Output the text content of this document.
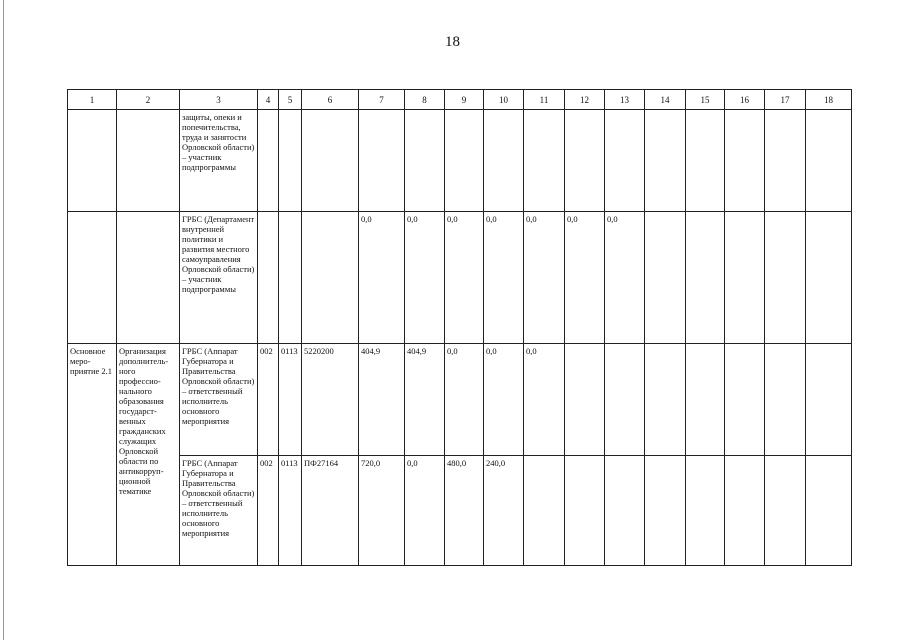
18
1	2	3	4	5	6	7	8	9	10	11	12	13	14	15	16	17	18
		защиты, опеки и попечительства, труда и занятости Орловской области) – участник подпрограммы															
		ГРБС (Департамент внутренней политики и развития местного самоуправления Орловской области) – участник подпрограммы				0,0	0,0	0,0	0,0	0,0	0,0	0,0					
Основное меро-приятие 2.1	Организация дополнитель-ного профессио-нального образования государст-венных гражданских служащих Орловской области по антикорруп-ционной тематике	ГРБС (Аппарат Губернатора и Правительства Орловской области) – ответственный исполнитель основного мероприятия	002	0113	5220200	404,9	404,9	0,0	0,0	0,0							
		ГРБС (Аппарат Губернатора и Правительства Орловской области) – ответственный исполнитель основного мероприятия	002	0113	ПФ27164	720,0	0,0	480,0	240,0								
